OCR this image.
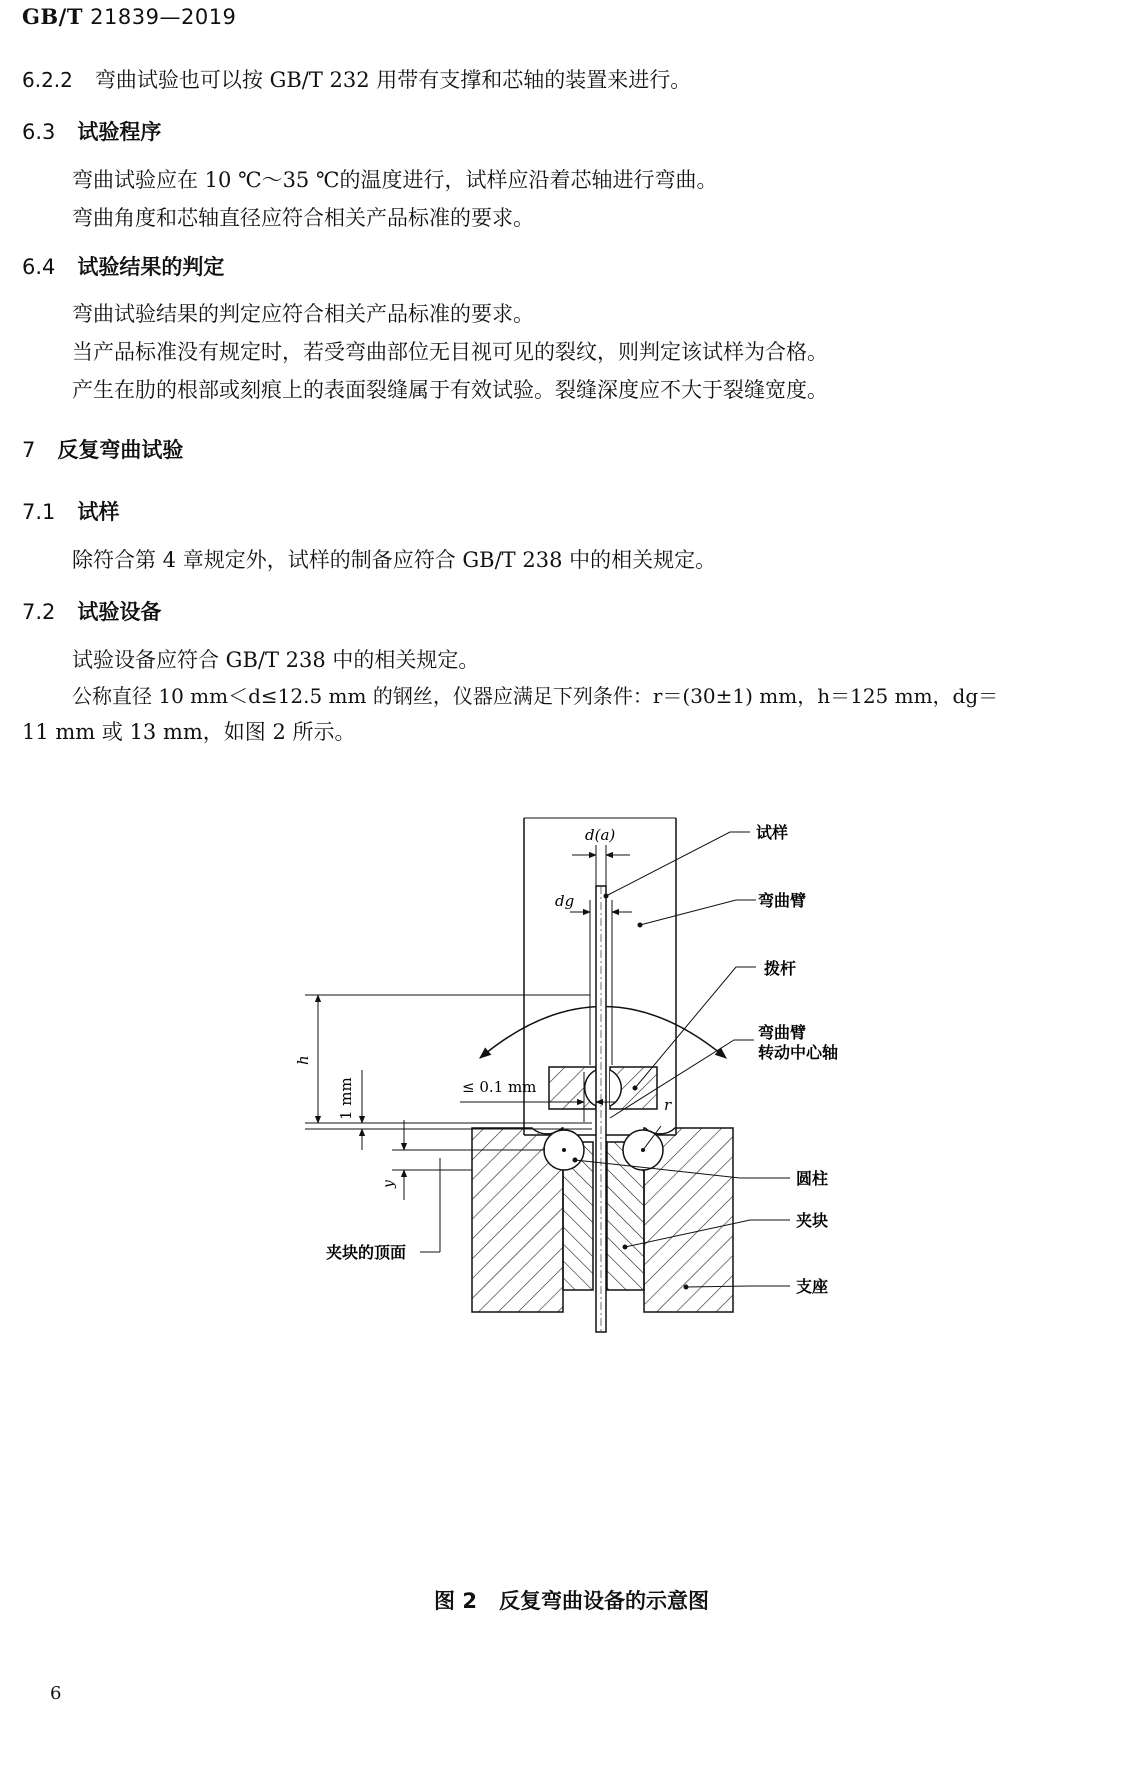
GB/T 21839—2019
6.2.2 弯曲试验也可以按 GB/T 232 用带有支撑和芯轴的装置来进行。
6.3 试验程序
弯曲试验应在 10 ℃～35 ℃的温度进行，试样应沿着芯轴进行弯曲。
弯曲角度和芯轴直径应符合相关产品标准的要求。
6.4 试验结果的判定
弯曲试验结果的判定应符合相关产品标准的要求。
当产品标准没有规定时，若受弯曲部位无目视可见的裂纹，则判定该试样为合格。
产生在肋的根部或刻痕上的表面裂缝属于有效试验。裂缝深度应不大于裂缝宽度。
7 反复弯曲试验
7.1 试样
除符合第 4 章规定外，试样的制备应符合 GB/T 238 中的相关规定。
7.2 试验设备
试验设备应符合 GB/T 238 中的相关规定。
公称直径 10 mm＜d≤12.5 mm 的钢丝，仪器应满足下列条件：r＝(30±1) mm，h＝125 mm，dg＝
11 mm 或 13 mm，如图 2 所示。
d(a)
dg
h
1 mm	≤ 0.1 mm
y
r
夹块的顶面
试样
弯曲臂
拨杆
弯曲臂
转动中心轴
圆柱
夹块
支座
图 2 反复弯曲设备的示意图
6
